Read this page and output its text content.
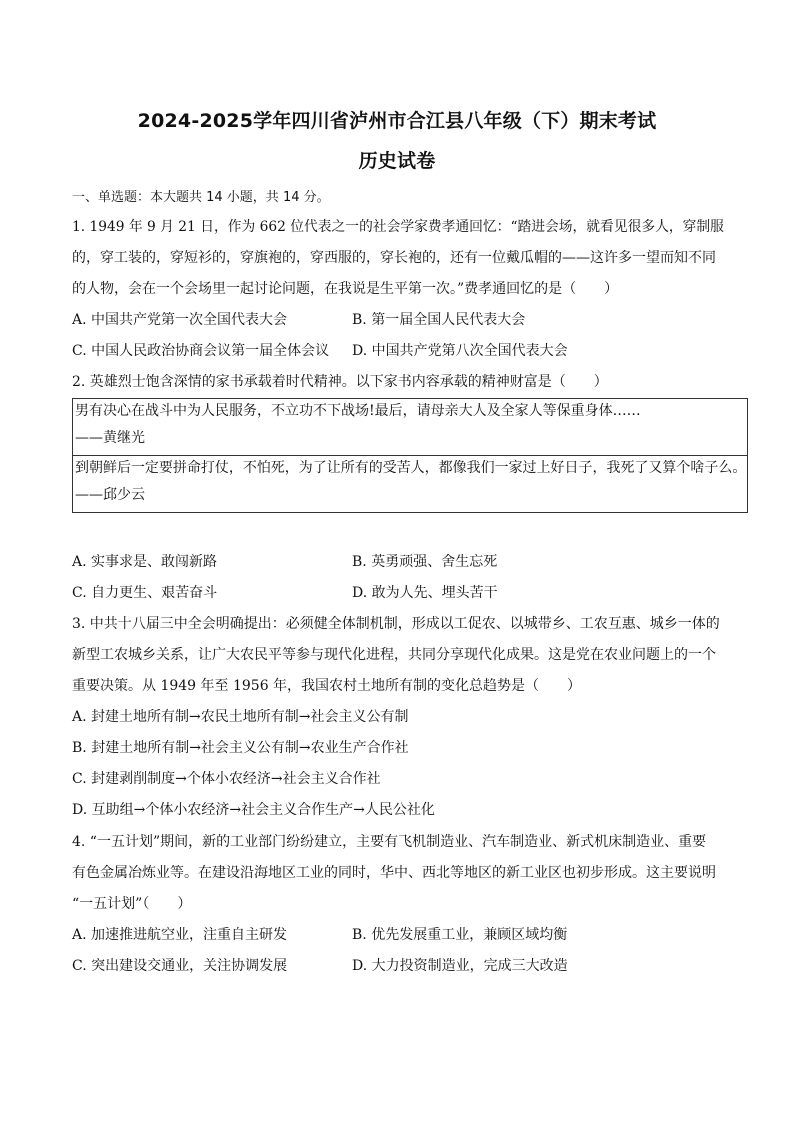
2024-2025学年四川省泸州市合江县八年级（下）期末考试
历史试卷
一、单选题：本大题共 14 小题，共 14 分。
1. 1949 年 9 月 21 日，作为 662 位代表之一的社会学家费孝通回忆：“踏进会场，就看见很多人，穿制服
的，穿工装的，穿短衫的，穿旗袍的，穿西服的，穿长袍的，还有一位戴瓜帽的——这许多一望而知不同
的人物，会在一个会场里一起讨论问题，在我说是生平第一次。”费孝通回忆的是（　　）
A. 中国共产党第一次全国代表大会	B. 第一届全国人民代表大会
C. 中国人民政治协商会议第一届全体会议 D. 中国共产党第八次全国代表大会
2. 英雄烈士饱含深情的家书承载着时代精神。以下家书内容承载的精神财富是（　　）
男有决心在战斗中为人民服务，不立功不下战场!最后，请母亲大人及全家人等保重身体……
——黄继光
到朝鲜后一定要拼命打仗，不怕死，为了让所有的受苦人，都像我们一家过上好日子，我死了又算个啥子么。
——邱少云
A. 实事求是、敢闯新路	B. 英勇顽强、舍生忘死
C. 自力更生、艰苦奋斗	D. 敢为人先、埋头苦干
3. 中共十八届三中全会明确提出：必须健全体制机制，形成以工促农、以城带乡、工农互惠、城乡一体的
新型工农城乡关系，让广大农民平等参与现代化进程，共同分享现代化成果。这是党在农业问题上的一个
重要决策。从 1949 年至 1956 年，我国农村土地所有制的变化总趋势是（　　）
A. 封建土地所有制→农民土地所有制→社会主义公有制
B. 封建土地所有制→社会主义公有制→农业生产合作社
C. 封建剥削制度→个体小农经济→社会主义合作社
D. 互助组→个体小农经济→社会主义合作生产→人民公社化
4. “一五计划”期间，新的工业部门纷纷建立，主要有飞机制造业、汽车制造业、新式机床制造业、重要
有色金属冶炼业等。在建设沿海地区工业的同时，华中、西北等地区的新工业区也初步形成。这主要说明
“一五计划”（　　）
A. 加速推进航空业，注重自主研发	B. 优先发展重工业，兼顾区域均衡
C. 突出建设交通业，关注协调发展	D. 大力投资制造业，完成三大改造
